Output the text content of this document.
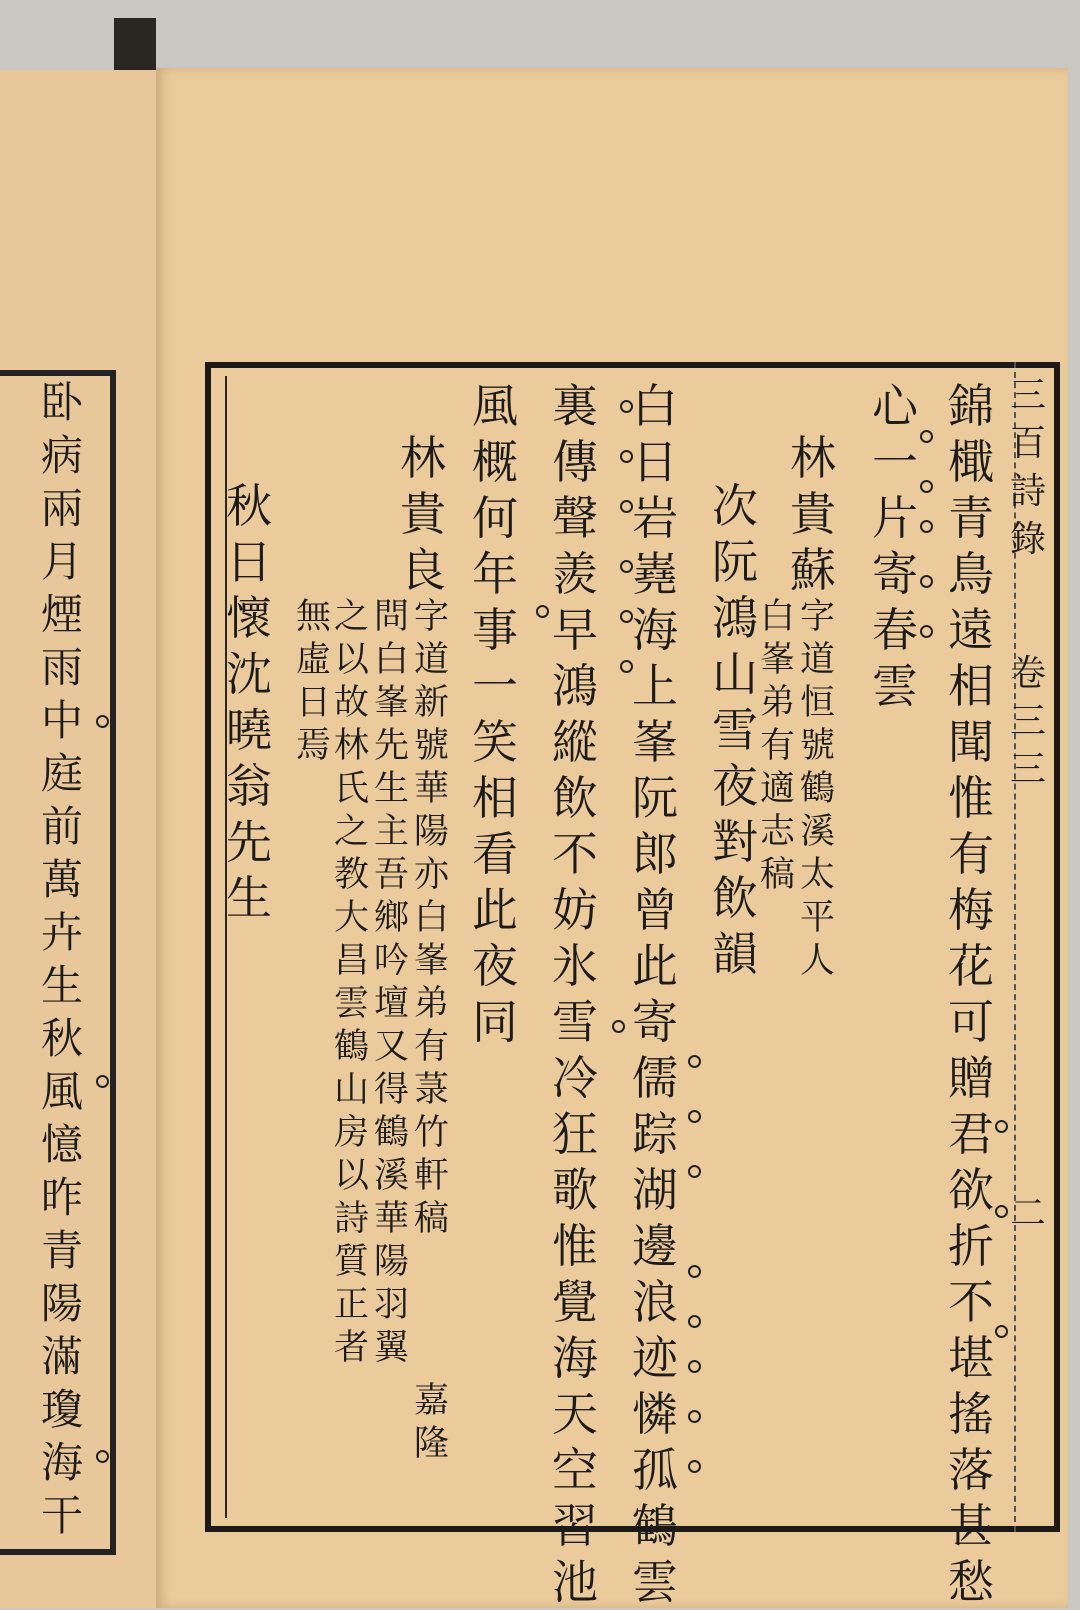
卧
病
兩
月
煙
雨
中
庭
前
萬
卉
生
秋
風
憶
昨
青
陽
滿
瓊
海
干
三
百
詩
錄
卷
三
三
二
錦
檝
青
鳥
遠
相
聞
惟
有
梅
花
可
贈
君
欲
折
不
堪
搖
落
甚
愁
心
一
片
寄
春
雲
林
貴
蘇
字
道
恒
號
鶴
溪
太
平
人
白
峯
弟
有
適
志
稿
次
阮
鴻
山
雪
夜
對
飲
韻
白
日
岩
嶤
海
上
峯
阮
郎
曾
此
寄
儒
踪
湖
邊
浪
迹
憐
孤
鶴
雲
裏
傳
聲
羨
早
鴻
縱
飲
不
妨
氷
雪
冷
狂
歌
惟
覺
海
天
空
習
池
風
概
何
年
事
一
笑
相
看
此
夜
同
林
貴
良
字
道
新
號
華
陽
亦
白
峯
弟
有
菉
竹
軒
稿
問
白
峯
先
生
主
吾
鄉
吟
壇
又
得
鶴
溪
華
陽
羽
翼
之
以
故
林
氏
之
教
大
昌
雲
鶴
山
房
以
詩
質
正
者
無
虛
日
焉
嘉
隆
秋
日
懷
沈
曉
翁
先
生
